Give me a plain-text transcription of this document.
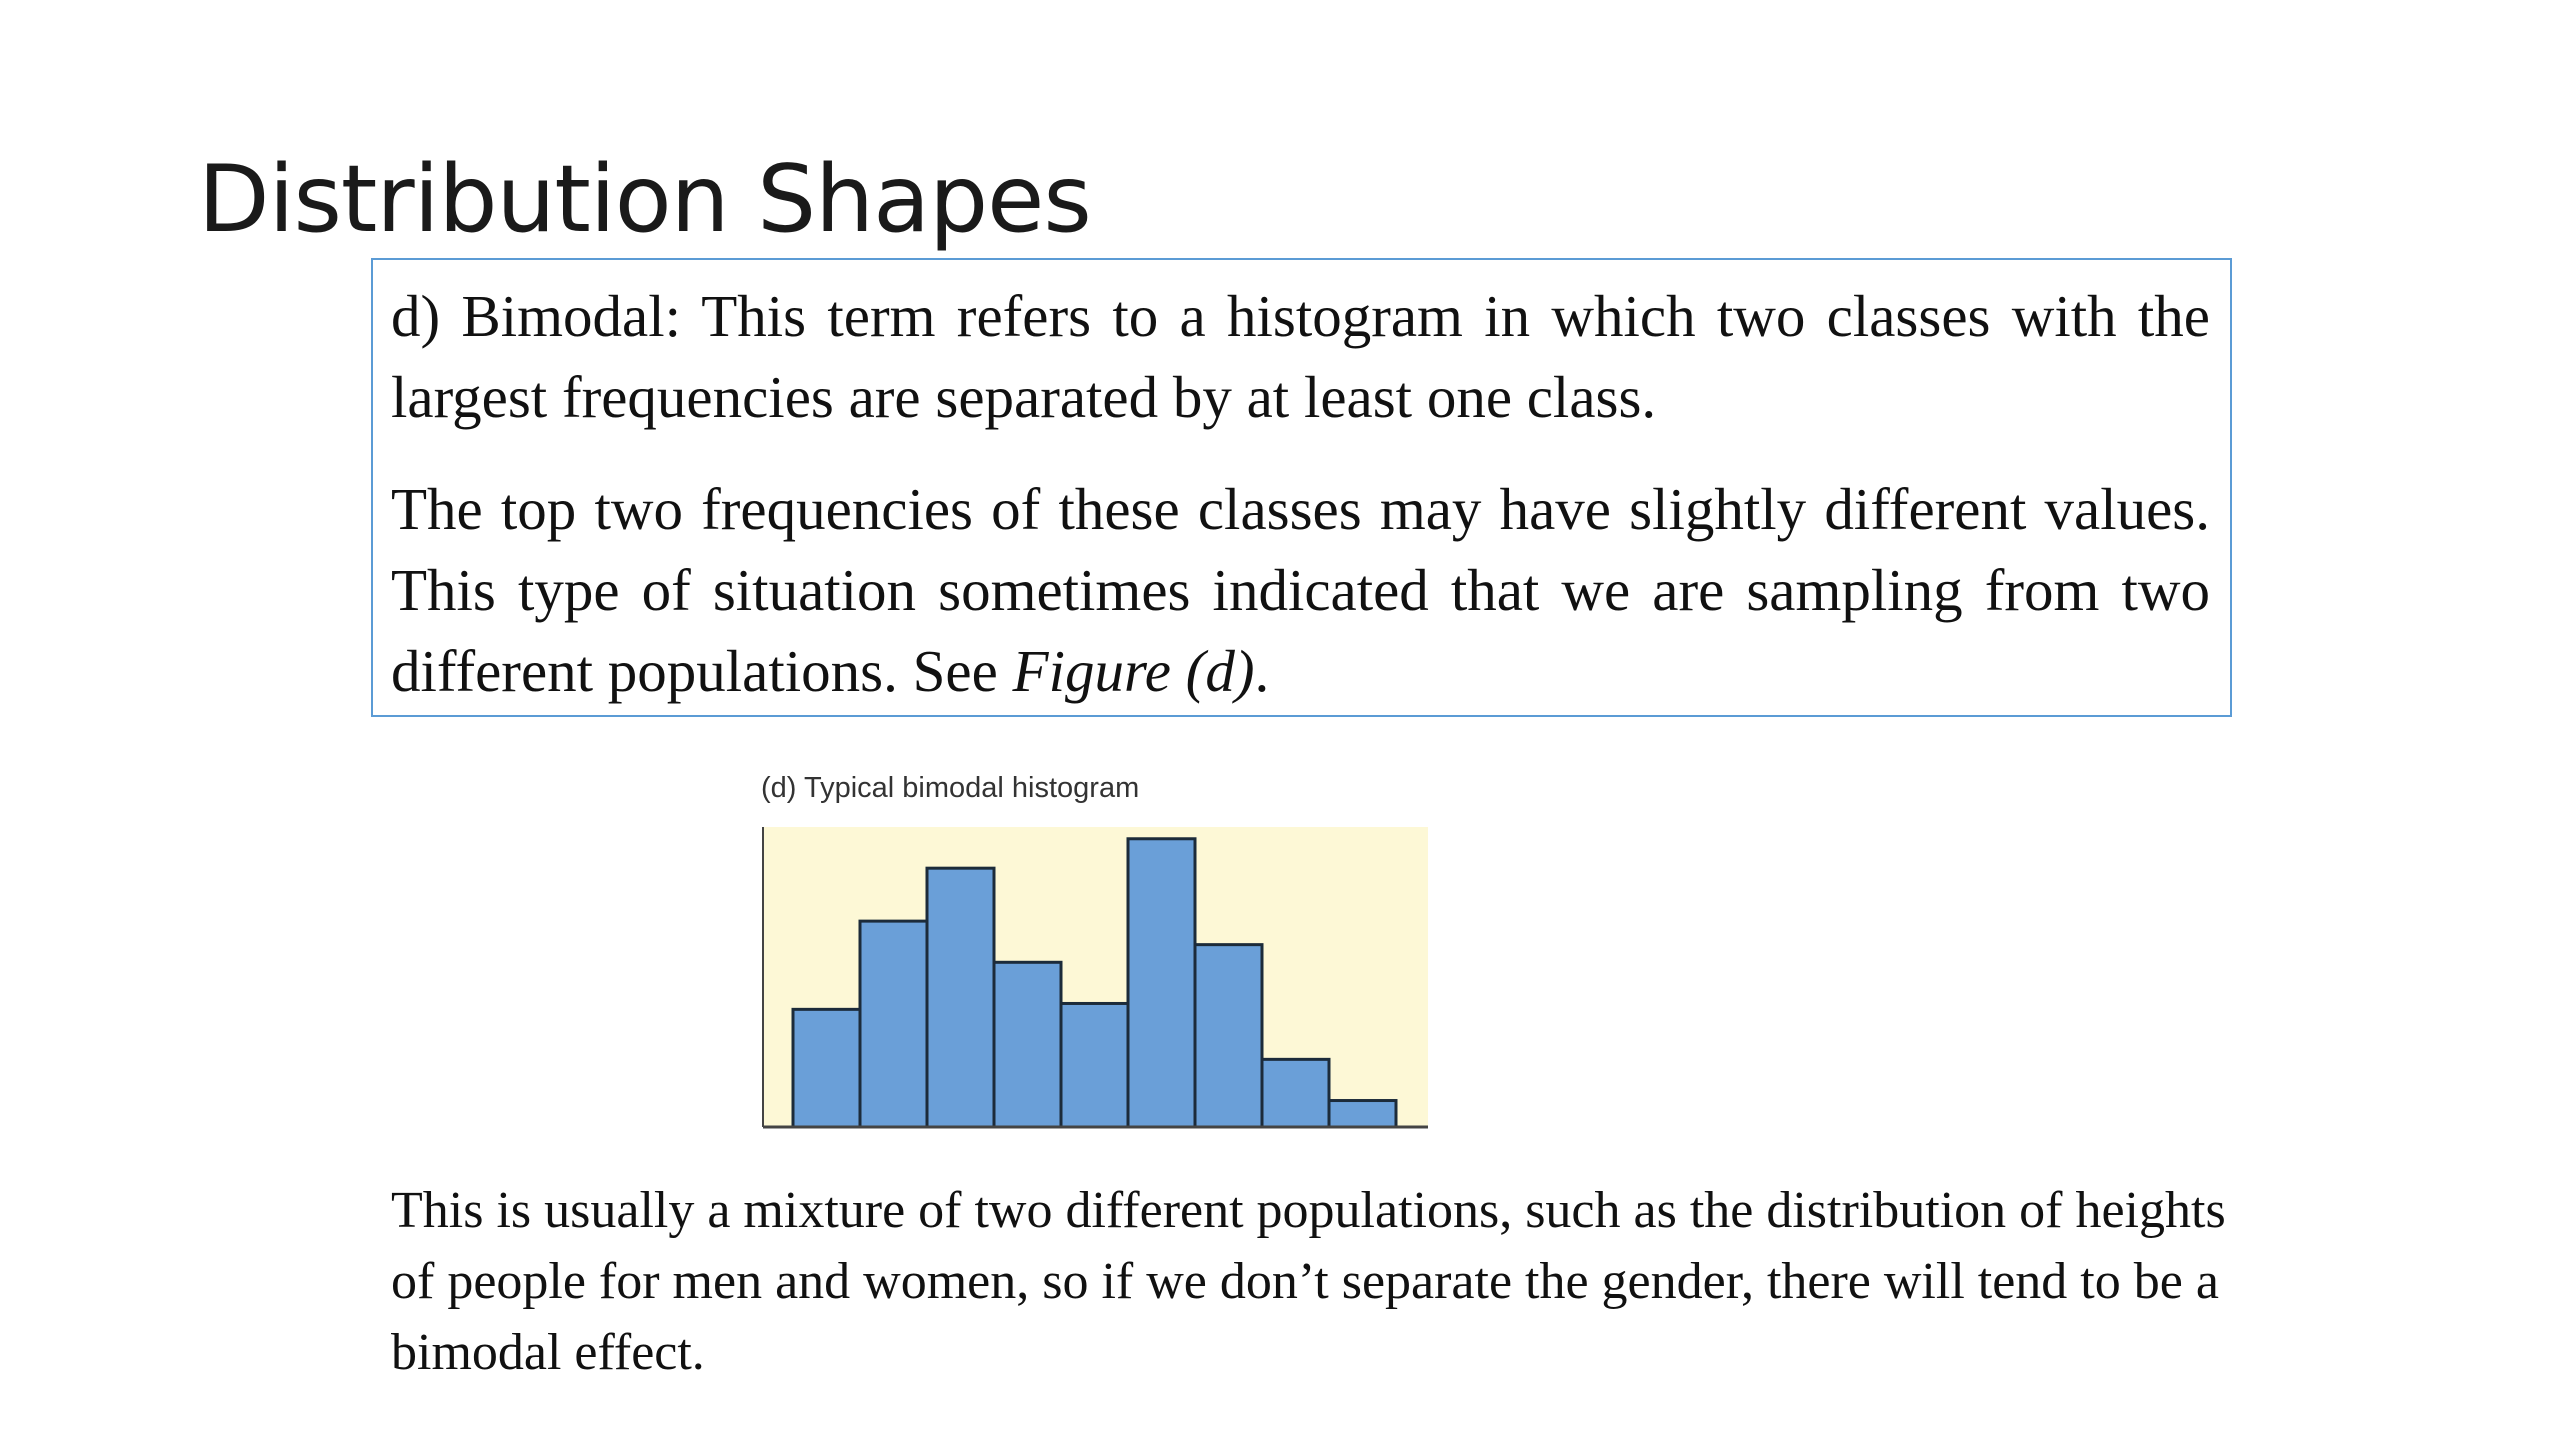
Distribution Shapes

d) Bimodal: This term refers to a histogram in which two classes with the largest frequencies are separated by at least one class.

The top two frequencies of these classes may have slightly different values. This type of situation sometimes indicated that we are sampling from two different populations. See Figure (d).

(d) Typical bimodal histogram

This is usually a mixture of two different populations, such as the distribution of heights of people for men and women, so if we don’t separate the gender, there will tend to be a bimodal effect.
